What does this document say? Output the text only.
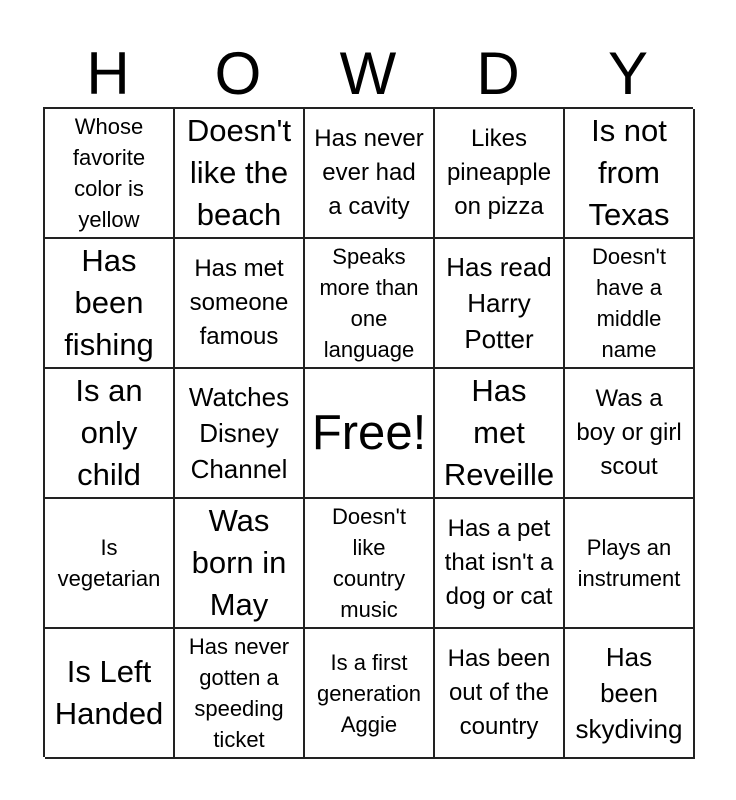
H	O	W	D	Y
Whose
favorite
color is
yellow
Doesn't
like the
beach
Has never
ever had
a cavity
Likes
pineapple
on pizza
Is not
from
Texas
Has
been
fishing
Has met
someone
famous
Speaks
more than
one
language
Has read
Harry
Potter
Doesn't
have a
middle
name
Is an
only
child
Watches
Disney
Channel
Free!
Has
met
Reveille
Was a
boy or girl
scout
Is
vegetarian
Was
born in
May
Doesn't
like
country
music
Has a pet
that isn't a
dog or cat
Plays an
instrument
Is Left
Handed
Has never
gotten a
speeding
ticket
Is a first
generation
Aggie
Has been
out of the
country
Has
been
skydiving
